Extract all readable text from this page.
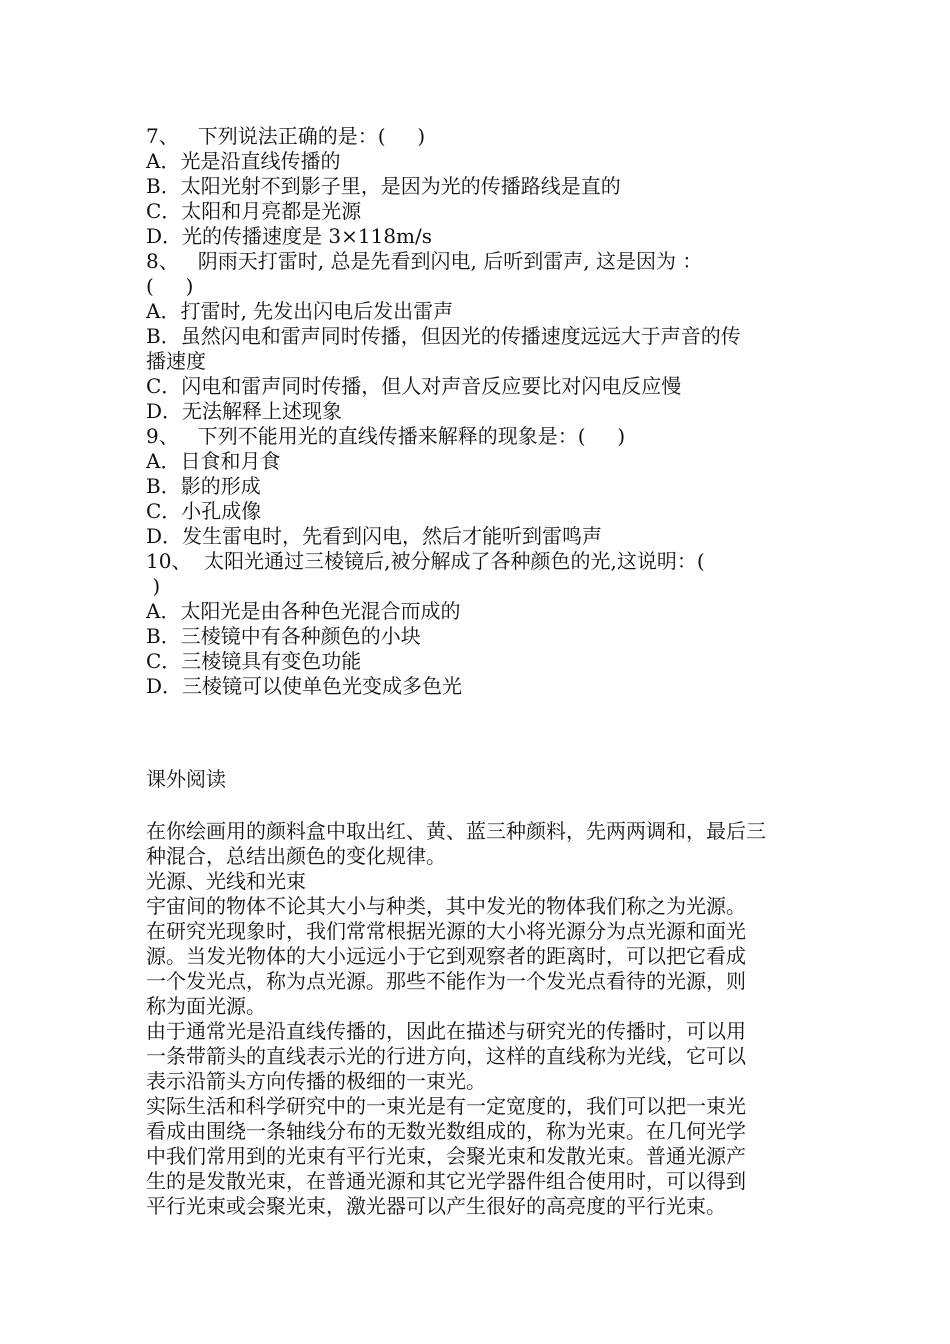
7、   下列说法正确的是：(     )
A．光是沿直线传播的
B．太阳光射不到影子里，是因为光的传播路线是直的
C．太阳和月亮都是光源
D．光的传播速度是 3×118m/s
8、   阴雨天打雷时, 总是先看到闪电, 后听到雷声, 这是因为 ：
(     )
A．打雷时, 先发出闪电后发出雷声
B．虽然闪电和雷声同时传播，但因光的传播速度远远大于声音的传
播速度
C．闪电和雷声同时传播，但人对声音反应要比对闪电反应慢
D．无法解释上述现象
9、   下列不能用光的直线传播来解释的现象是：(     )
A．日食和月食
B．影的形成
C．小孔成像
D．发生雷电时，先看到闪电，然后才能听到雷鸣声
10、  太阳光通过三棱镜后,被分解成了各种颜色的光,这说明：(
)
A．太阳光是由各种色光混合而成的
B．三棱镜中有各种颜色的小块
C．三棱镜具有变色功能
D．三棱镜可以使单色光变成多色光
课外阅读
在你绘画用的颜料盒中取出红、黄、蓝三种颜料，先两两调和，最后三
种混合，总结出颜色的变化规律。
光源、光线和光束
宇宙间的物体不论其大小与种类，其中发光的物体我们称之为光源。
在研究光现象时，我们常常根据光源的大小将光源分为点光源和面光
源。当发光物体的大小远远小于它到观察者的距离时，可以把它看成
一个发光点，称为点光源。那些不能作为一个发光点看待的光源，则
称为面光源。
由于通常光是沿直线传播的，因此在描述与研究光的传播时，可以用
一条带箭头的直线表示光的行进方向，这样的直线称为光线，它可以
表示沿箭头方向传播的极细的一束光。
实际生活和科学研究中的一束光是有一定宽度的，我们可以把一束光
看成由围绕一条轴线分布的无数光数组成的，称为光束。在几何光学
中我们常用到的光束有平行光束，会聚光束和发散光束。普通光源产
生的是发散光束，在普通光源和其它光学器件组合使用时，可以得到
平行光束或会聚光束，激光器可以产生很好的高亮度的平行光束。
